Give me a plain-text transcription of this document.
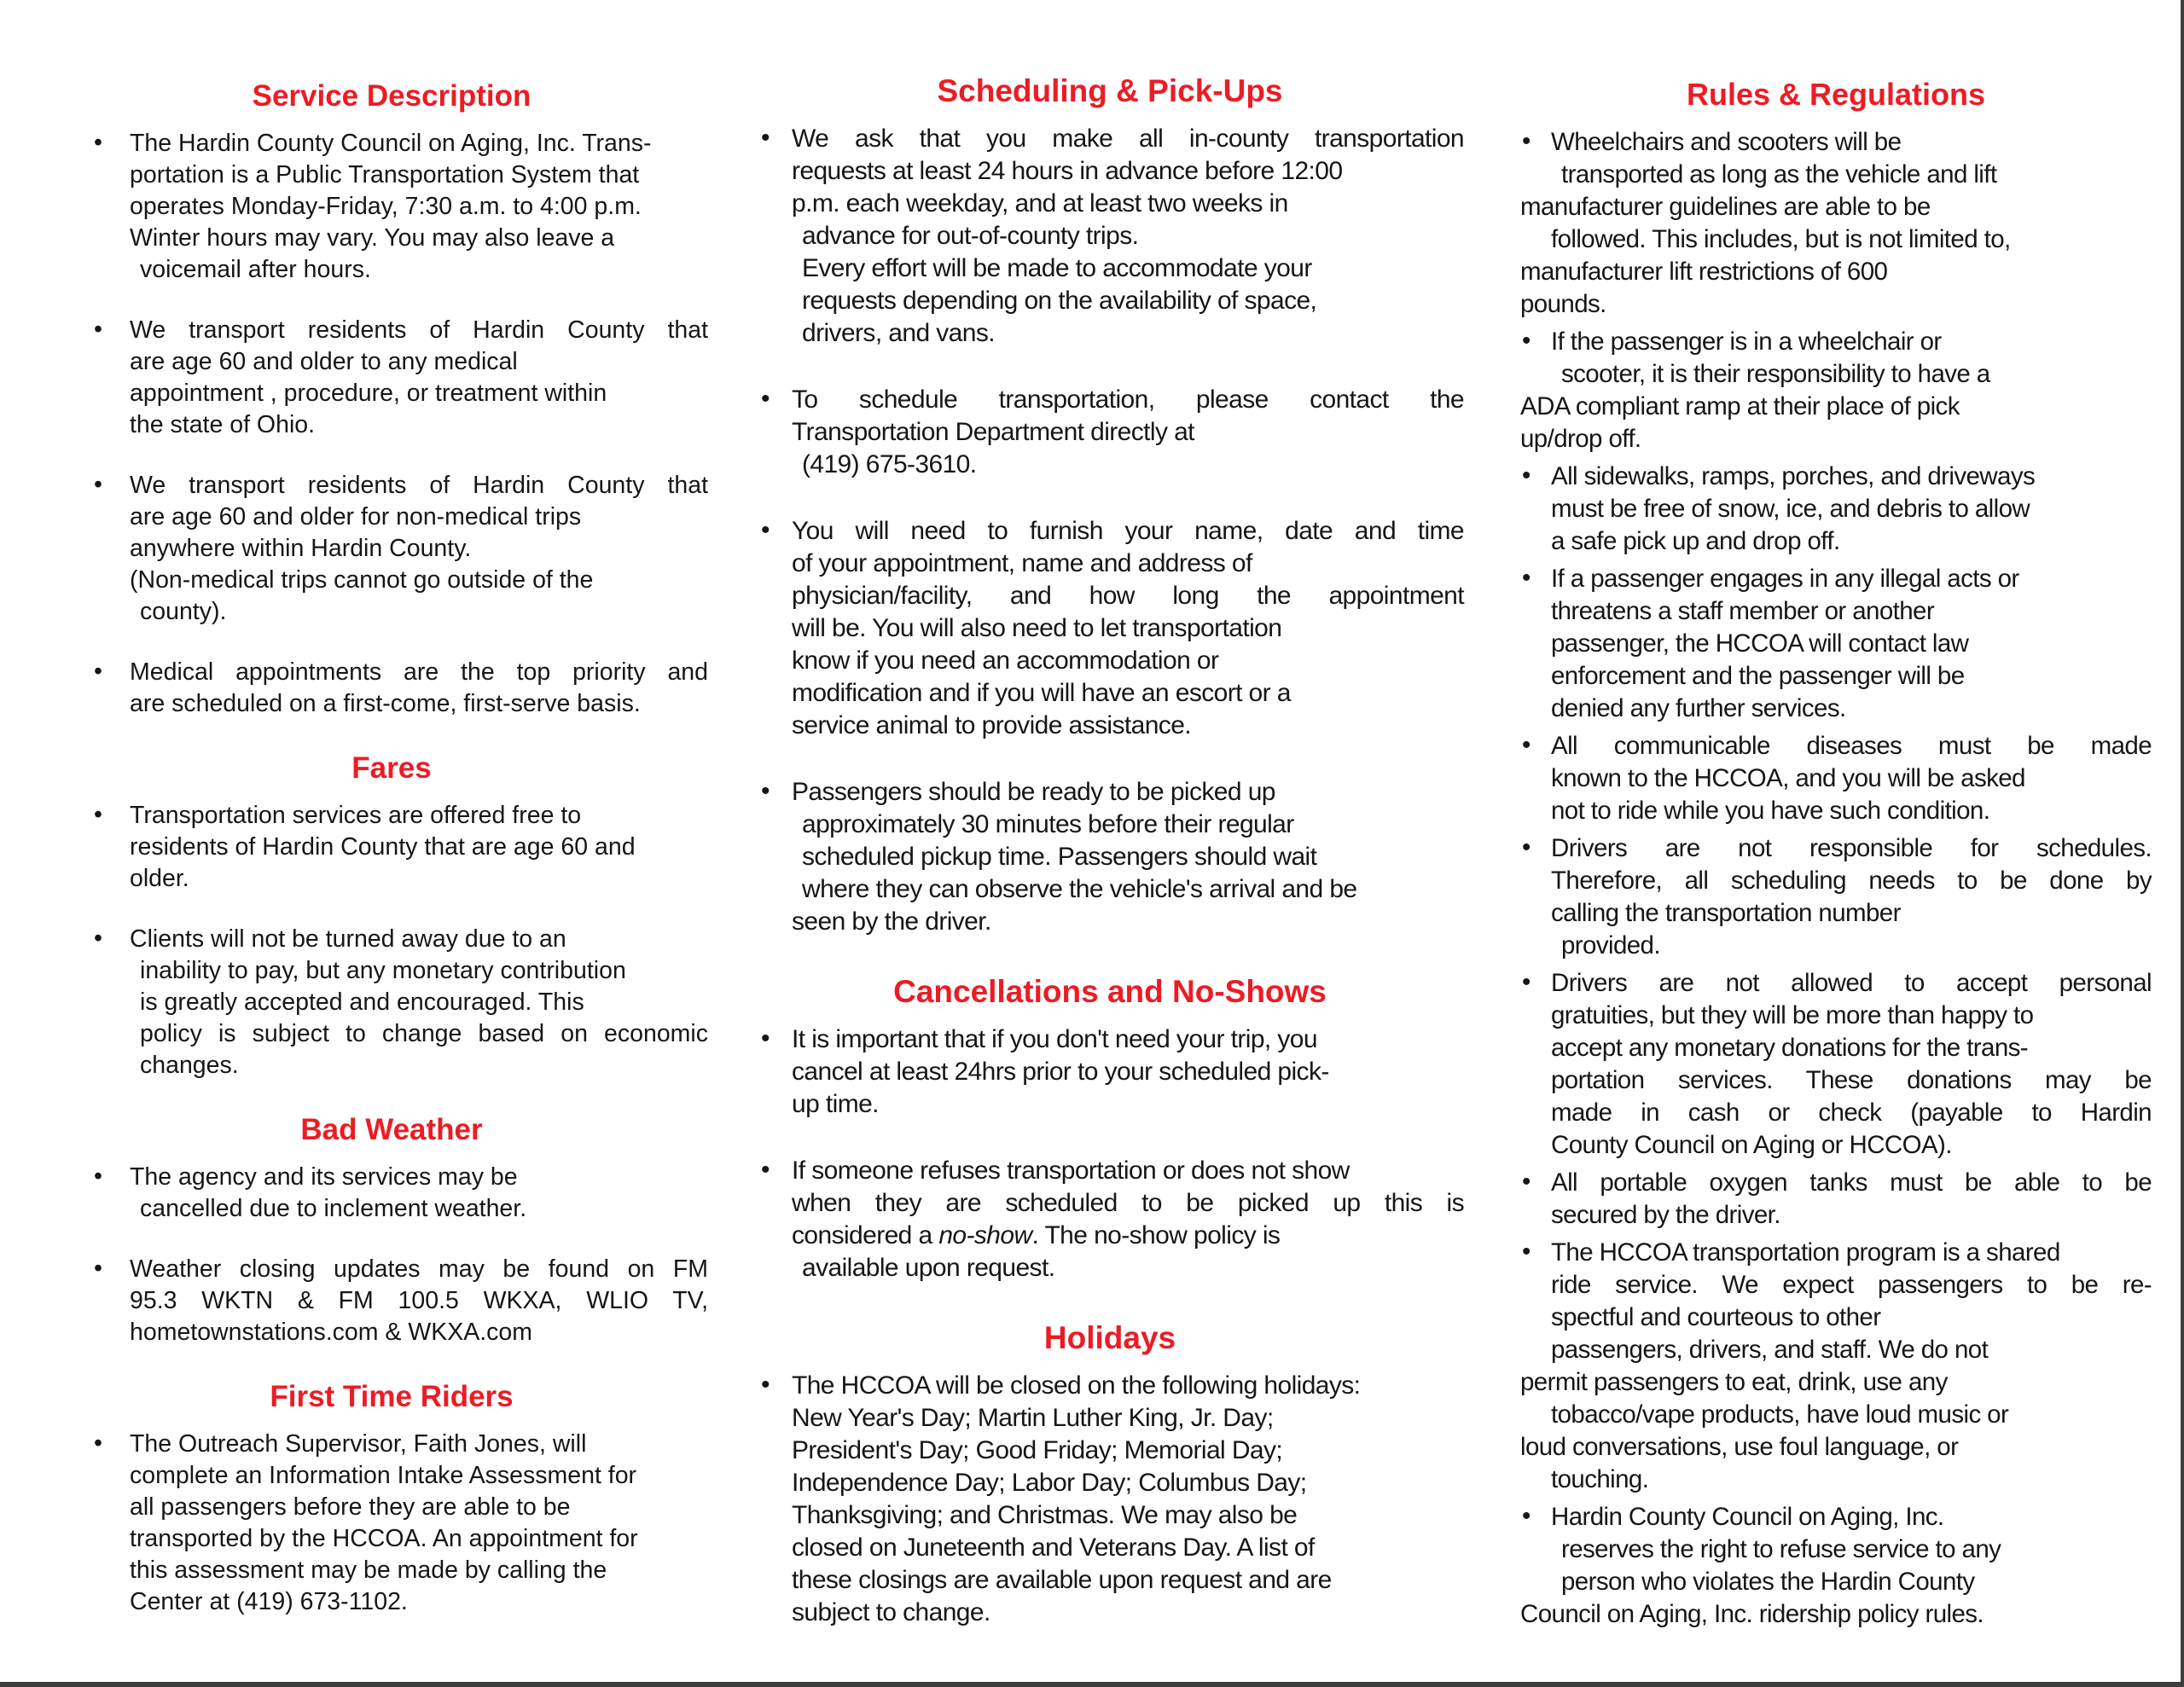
Service Description
• The Hardin County Council on Aging, Inc. Trans-
portation is a Public Transportation System that
operates Monday-Friday, 7:30 a.m. to 4:00 p.m.
Winter hours may vary. You may also leave a
voicemail after hours.
• We transport residents of Hardin County that
are age 60 and older to any medical
appointment , procedure, or treatment within
the state of Ohio.
• We transport residents of Hardin County that
are age 60 and older for non-medical trips
anywhere within Hardin County.
(Non-medical trips cannot go outside of the
county).
• Medical appointments are the top priority and
are scheduled on a first-come, first-serve basis.
Fares
• Transportation services are offered free to
residents of Hardin County that are age 60 and
older.
• Clients will not be turned away due to an
inability to pay, but any monetary contribution
is greatly accepted and encouraged. This
policy is subject to change based on economic
changes.
Bad Weather
• The agency and its services may be
cancelled due to inclement weather.
• Weather closing updates may be found on FM
95.3 WKTN & FM 100.5 WKXA, WLIO TV,
hometownstations.com & WKXA.com
First Time Riders
• The Outreach Supervisor, Faith Jones, will
complete an Information Intake Assessment for
all passengers before they are able to be
transported by the HCCOA. An appointment for
this assessment may be made by calling the
Center at (419) 673-1102.
Scheduling & Pick-Ups
• We ask that you make all in-county transportation
requests at least 24 hours in advance before 12:00
p.m. each weekday, and at least two weeks in
advance for out-of-county trips.
Every effort will be made to accommodate your
requests depending on the availability of space,
drivers, and vans.
• To schedule transportation, please contact the
Transportation Department directly at
(419) 675-3610.
• You will need to furnish your name, date and time
of your appointment, name and address of
physician/facility, and how long the appointment
will be. You will also need to let transportation
know if you need an accommodation or
modification and if you will have an escort or a
service animal to provide assistance.
• Passengers should be ready to be picked up
approximately 30 minutes before their regular
scheduled pickup time. Passengers should wait
where they can observe the vehicle's arrival and be
seen by the driver.
Cancellations and No-Shows
• It is important that if you don't need your trip, you
cancel at least 24hrs prior to your scheduled pick-
up time.
• If someone refuses transportation or does not show
when they are scheduled to be picked up this is
considered a no-show. The no-show policy is
available upon request.
Holidays
• The HCCOA will be closed on the following holidays:
New Year's Day; Martin Luther King, Jr. Day;
President's Day; Good Friday; Memorial Day;
Independence Day; Labor Day; Columbus Day;
Thanksgiving; and Christmas. We may also be
closed on Juneteenth and Veterans Day. A list of
these closings are available upon request and are
subject to change.
Rules & Regulations
• Wheelchairs and scooters will be
transported as long as the vehicle and lift
manufacturer guidelines are able to be
followed. This includes, but is not limited to,
manufacturer lift restrictions of 600
pounds.
• If the passenger is in a wheelchair or
scooter, it is their responsibility to have a
ADA compliant ramp at their place of pick
up/drop off.
• All sidewalks, ramps, porches, and driveways
must be free of snow, ice, and debris to allow
a safe pick up and drop off.
• If a passenger engages in any illegal acts or
threatens a staff member or another
passenger, the HCCOA will contact law
enforcement and the passenger will be
denied any further services.
• All communicable diseases must be made
known to the HCCOA, and you will be asked
not to ride while you have such condition.
• Drivers are not responsible for schedules.
Therefore, all scheduling needs to be done by
calling the transportation number
provided.
• Drivers are not allowed to accept personal
gratuities, but they will be more than happy to
accept any monetary donations for the trans-
portation services. These donations may be
made in cash or check (payable to Hardin
County Council on Aging or HCCOA).
• All portable oxygen tanks must be able to be
secured by the driver.
• The HCCOA transportation program is a shared
ride service. We expect passengers to be re-
spectful and courteous to other
passengers, drivers, and staff. We do not
permit passengers to eat, drink, use any
tobacco/vape products, have loud music or
loud conversations, use foul language, or
touching.
• Hardin County Council on Aging, Inc.
reserves the right to refuse service to any
person who violates the Hardin County
Council on Aging, Inc. ridership policy rules.
